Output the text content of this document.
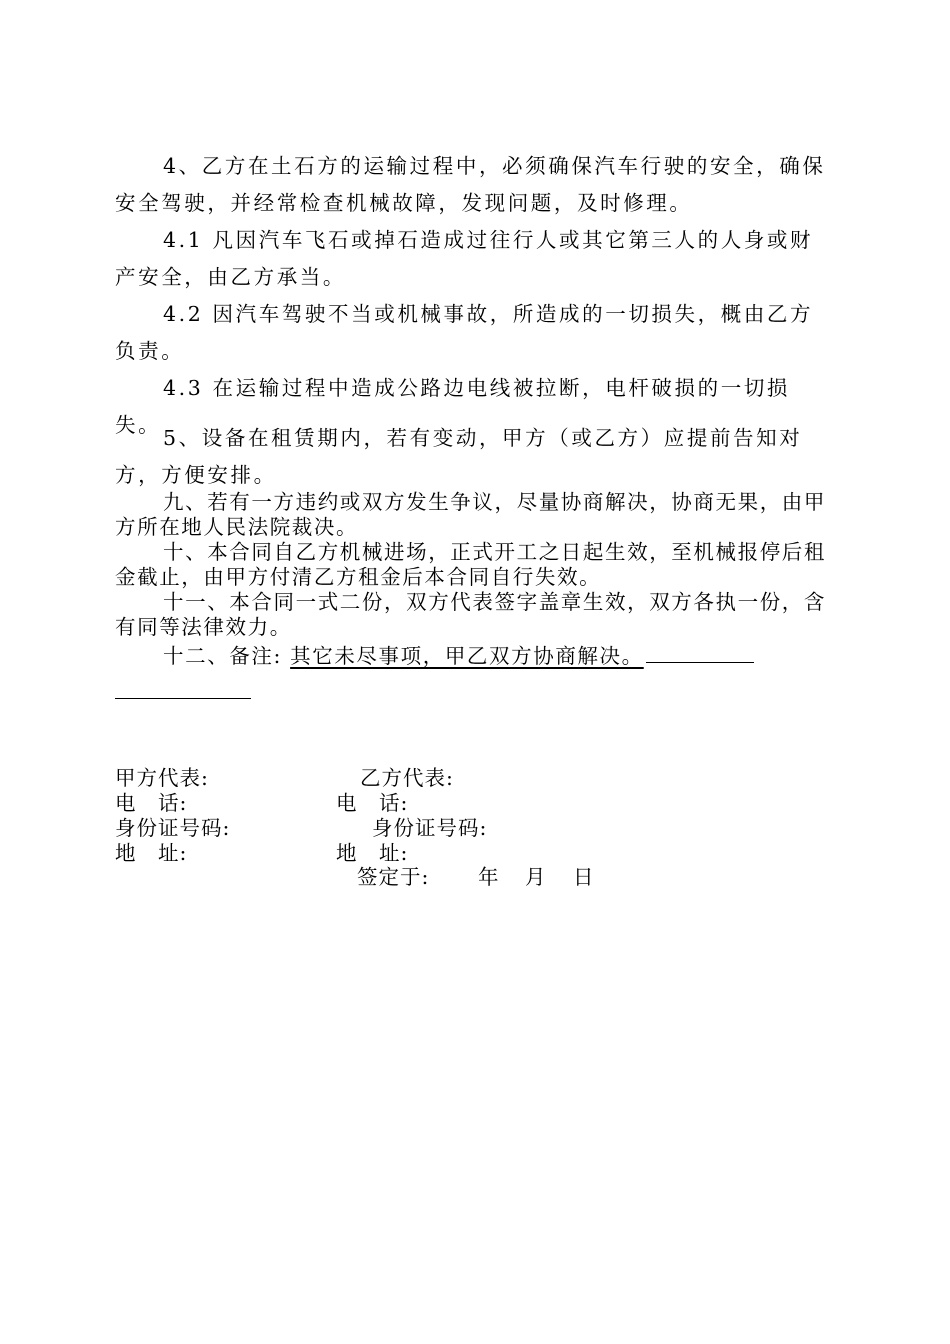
4、乙方在土石方的运输过程中，必须确保汽车行驶的安全，确保安全驾驶，并经常检查机械故障，发现问题，及时修理。

4.1 凡因汽车飞石或掉石造成过往行人或其它第三人的人身或财产安全，由乙方承当。

4.2 因汽车驾驶不当或机械事故，所造成的一切损失，概由乙方负责。

4.3 在运输过程中造成公路边电线被拉断，电杆破损的一切损失。

5、设备在租赁期内，若有变动，甲方（或乙方）应提前告知对方，方便安排。

九、若有一方违约或双方发生争议，尽量协商解决，协商无果，由甲方所在地人民法院裁决。

十、本合同自乙方机械进场，正式开工之日起生效，至机械报停后租金截止，由甲方付清乙方租金后本合同自行失效。

十一、本合同一式二份，双方代表签字盖章生效，双方各执一份，含有同等法律效力。

十二、备注: 其它未尽事项，甲乙双方协商解决。

甲方代表:	乙方代表:
电　话:	电　话:
身份证号码:	身份证号码:
地　址:	地　址:
签定于: 年 月 日
